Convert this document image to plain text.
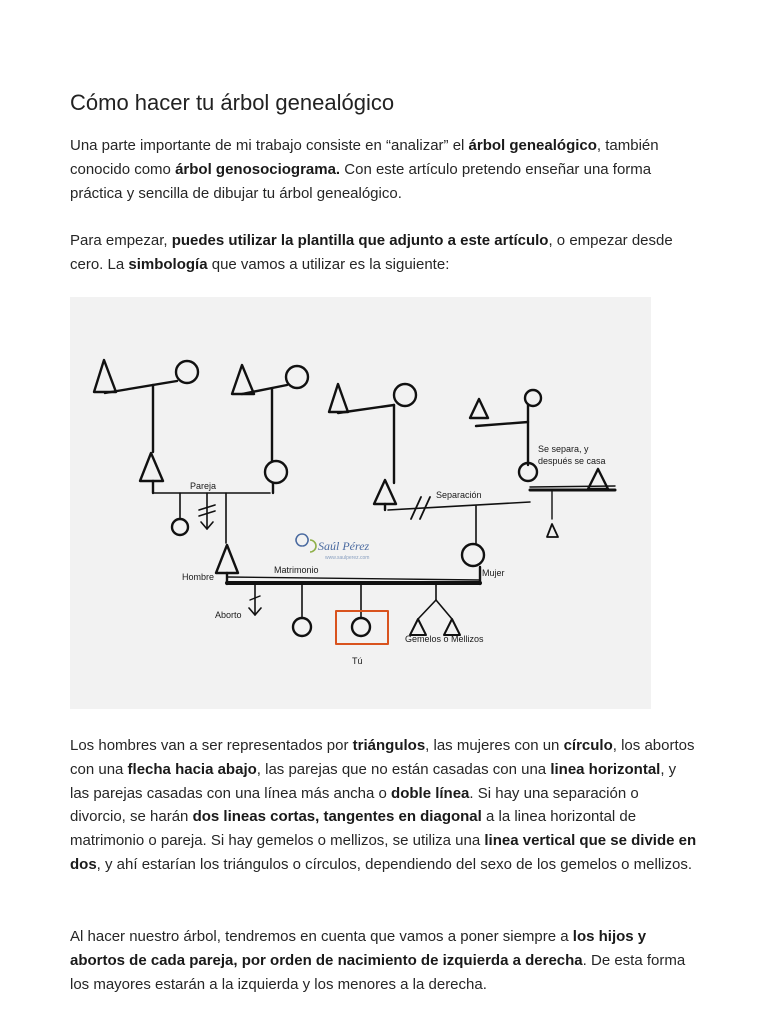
Cómo hacer tu árbol genealógico

Una parte importante de mi trabajo consiste en “analizar” el árbol genealógico, también conocido como árbol genosociograma. Con este artículo pretendo enseñar una forma práctica y sencilla de dibujar tu árbol genealógico.

Para empezar, puedes utilizar la plantilla que adjunto a este artículo, o empezar desde cero. La simbología que vamos a utilizar es la siguiente:

Pareja
Separación
Se separa, y
después se casa
Hombre
Matrimonio	Mujer
Aborto
Gemelos o Mellizos
Tú
Saúl Pérez
www.saulperez.com

Los hombres van a ser representados por triángulos, las mujeres con un círculo, los abortos con una flecha hacia abajo, las parejas que no están casadas con una linea horizontal, y las parejas casadas con una línea más ancha o doble línea. Si hay una separación o divorcio, se harán dos lineas cortas, tangentes en diagonal a la linea horizontal de matrimonio o pareja. Si hay gemelos o mellizos, se utiliza una linea vertical que se divide en dos, y ahí estarían los triángulos o círculos, dependiendo del sexo de los gemelos o mellizos.

Al hacer nuestro árbol, tendremos en cuenta que vamos a poner siempre a los hijos y abortos de cada pareja, por orden de nacimiento de izquierda a derecha. De esta forma los mayores estarán a la izquierda y los menores a la derecha.
